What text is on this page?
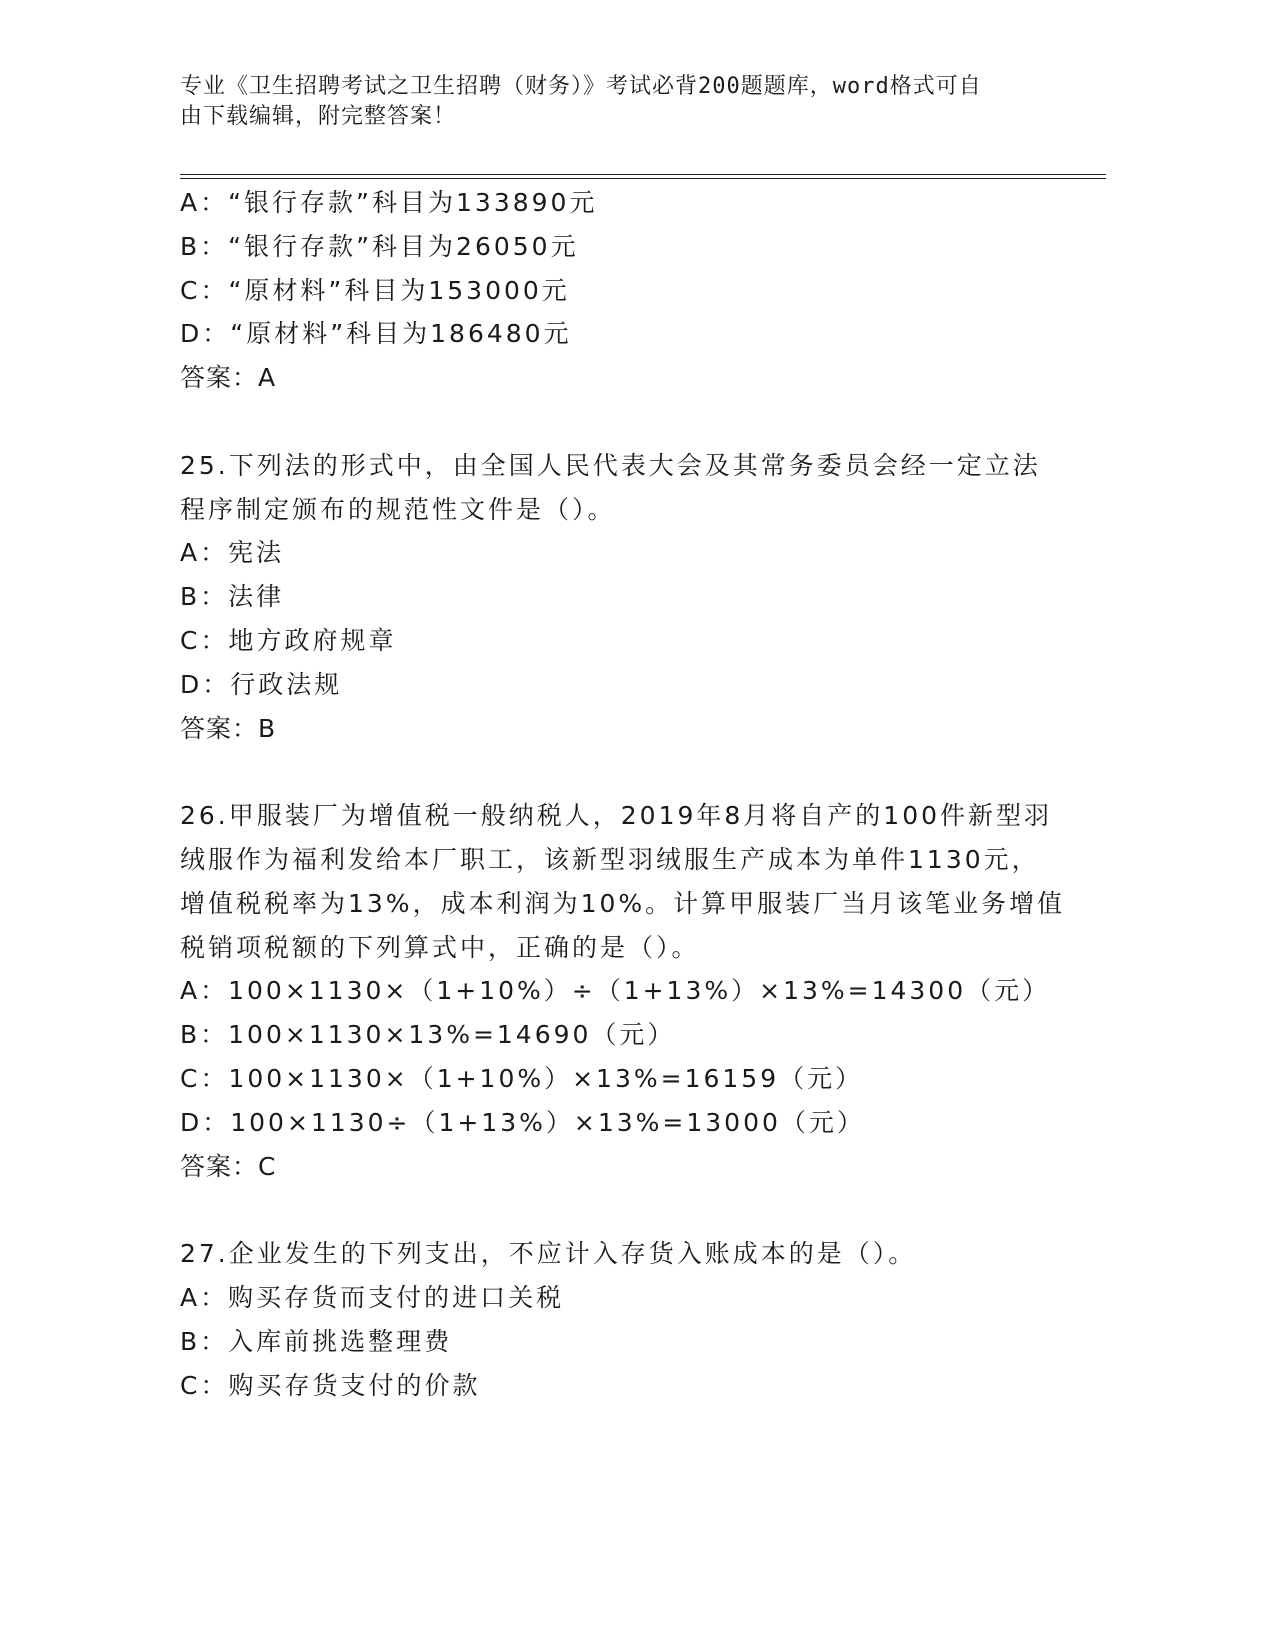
专业《卫生招聘考试之卫生招聘（财务）》考试必背200题题库，word格式可自
由下载编辑，附完整答案！
A：“银行存款”科目为133890元
B：“银行存款”科目为26050元
C：“原材料”科目为153000元
D：“原材料”科目为186480元
答案：A
25.下列法的形式中，由全国人民代表大会及其常务委员会经一定立法
程序制定颁布的规范性文件是（）。
A：宪法
B：法律
C：地方政府规章
D：行政法规
答案：B
26.甲服装厂为增值税一般纳税人，2019年8月将自产的100件新型羽
绒服作为福利发给本厂职工，该新型羽绒服生产成本为单件1130元，
增值税税率为13%，成本利润为10%。计算甲服装厂当月该笔业务增值
税销项税额的下列算式中，正确的是（）。
A：100×1130×（1+10%）÷（1+13%）×13%=14300（元）
B：100×1130×13%=14690（元）
C：100×1130×（1+10%）×13%=16159（元）
D：100×1130÷（1+13%）×13%=13000（元）
答案：C
27.企业发生的下列支出，不应计入存货入账成本的是（）。
A：购买存货而支付的进口关税
B：入库前挑选整理费
C：购买存货支付的价款
